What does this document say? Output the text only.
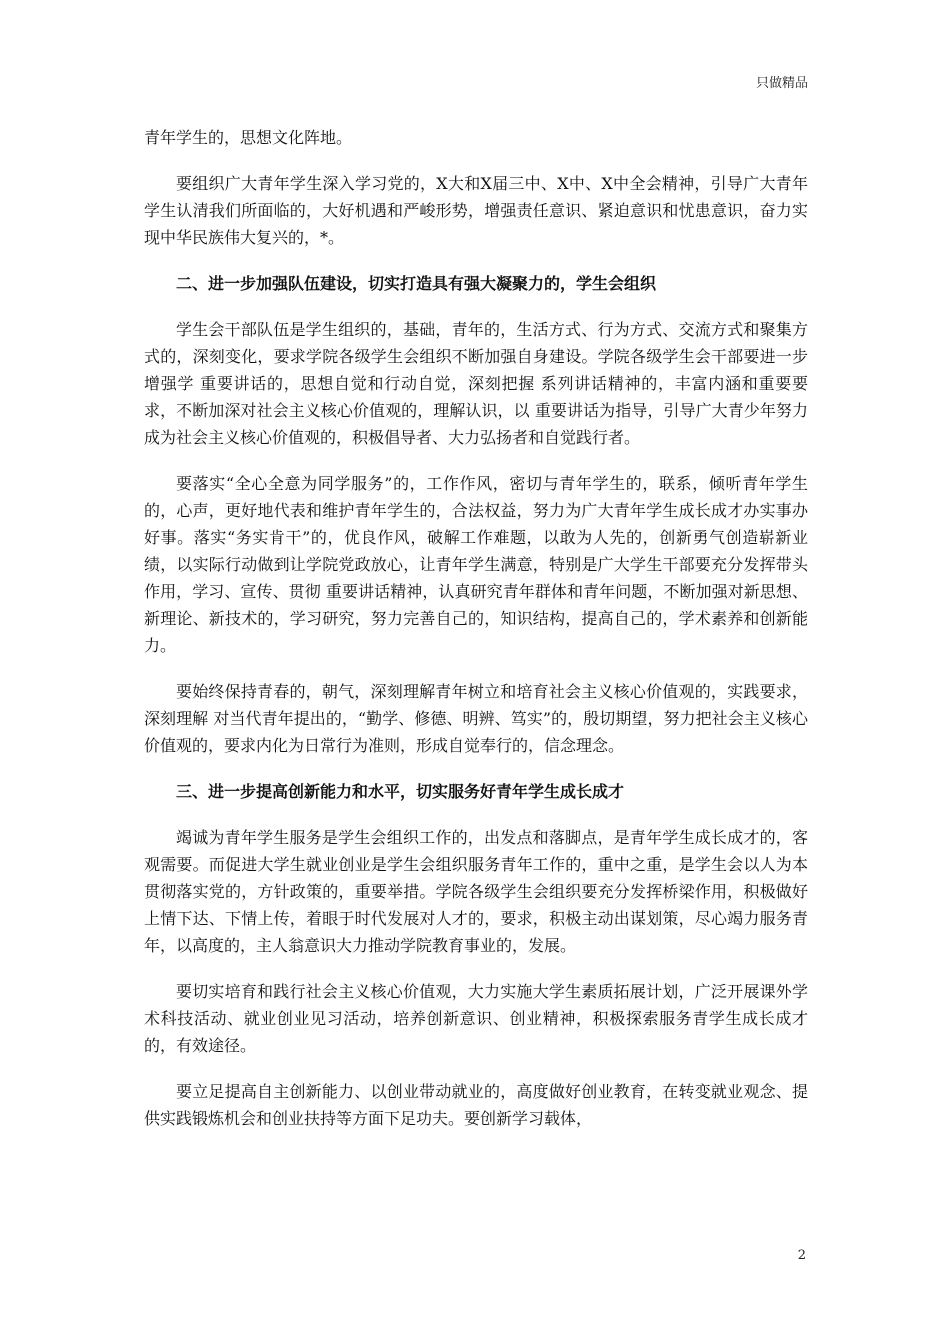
只做精品

青年学生的，思想文化阵地。

要组织广大青年学生深入学习党的，X大和X届三中、X中、X中全会精神，引导广大青年学生认清我们所面临的，大好机遇和严峻形势，增强责任意识、紧迫意识和忧患意识，奋力实现中华民族伟大复兴的，*。

二、进一步加强队伍建设，切实打造具有强大凝聚力的，学生会组织

学生会干部队伍是学生组织的，基础，青年的，生活方式、行为方式、交流方式和聚集方式的，深刻变化，要求学院各级学生会组织不断加强自身建设。学院各级学生会干部要进一步增强学 重要讲话的，思想自觉和行动自觉，深刻把握 系列讲话精神的，丰富内涵和重要要求，不断加深对社会主义核心价值观的，理解认识，以 重要讲话为指导，引导广大青少年努力成为社会主义核心价值观的，积极倡导者、大力弘扬者和自觉践行者。

要落实“全心全意为同学服务”的，工作作风，密切与青年学生的，联系，倾听青年学生的，心声，更好地代表和维护青年学生的，合法权益，努力为广大青年学生成长成才办实事办好事。落实“务实肯干”的，优良作风，破解工作难题，以敢为人先的，创新勇气创造崭新业绩，以实际行动做到让学院党政放心，让青年学生满意，特别是广大学生干部要充分发挥带头作用，学习、宣传、贯彻 重要讲话精神，认真研究青年群体和青年问题，不断加强对新思想、新理论、新技术的，学习研究，努力完善自己的，知识结构，提高自己的，学术素养和创新能力。

要始终保持青春的，朝气，深刻理解青年树立和培育社会主义核心价值观的，实践要求，深刻理解 对当代青年提出的，“勤学、修德、明辨、笃实”的，殷切期望，努力把社会主义核心价值观的，要求内化为日常行为准则，形成自觉奉行的，信念理念。

三、进一步提高创新能力和水平，切实服务好青年学生成长成才

竭诚为青年学生服务是学生会组织工作的，出发点和落脚点，是青年学生成长成才的，客观需要。而促进大学生就业创业是学生会组织服务青年工作的，重中之重，是学生会以人为本贯彻落实党的，方针政策的，重要举措。学院各级学生会组织要充分发挥桥梁作用，积极做好上情下达、下情上传，着眼于时代发展对人才的，要求，积极主动出谋划策，尽心竭力服务青年，以高度的，主人翁意识大力推动学院教育事业的，发展。

要切实培育和践行社会主义核心价值观，大力实施大学生素质拓展计划，广泛开展课外学术科技活动、就业创业见习活动，培养创新意识、创业精神，积极探索服务青学生成长成才的，有效途径。

要立足提高自主创新能力、以创业带动就业的，高度做好创业教育，在转变就业观念、提供实践锻炼机会和创业扶持等方面下足功夫。要创新学习载体，

2
